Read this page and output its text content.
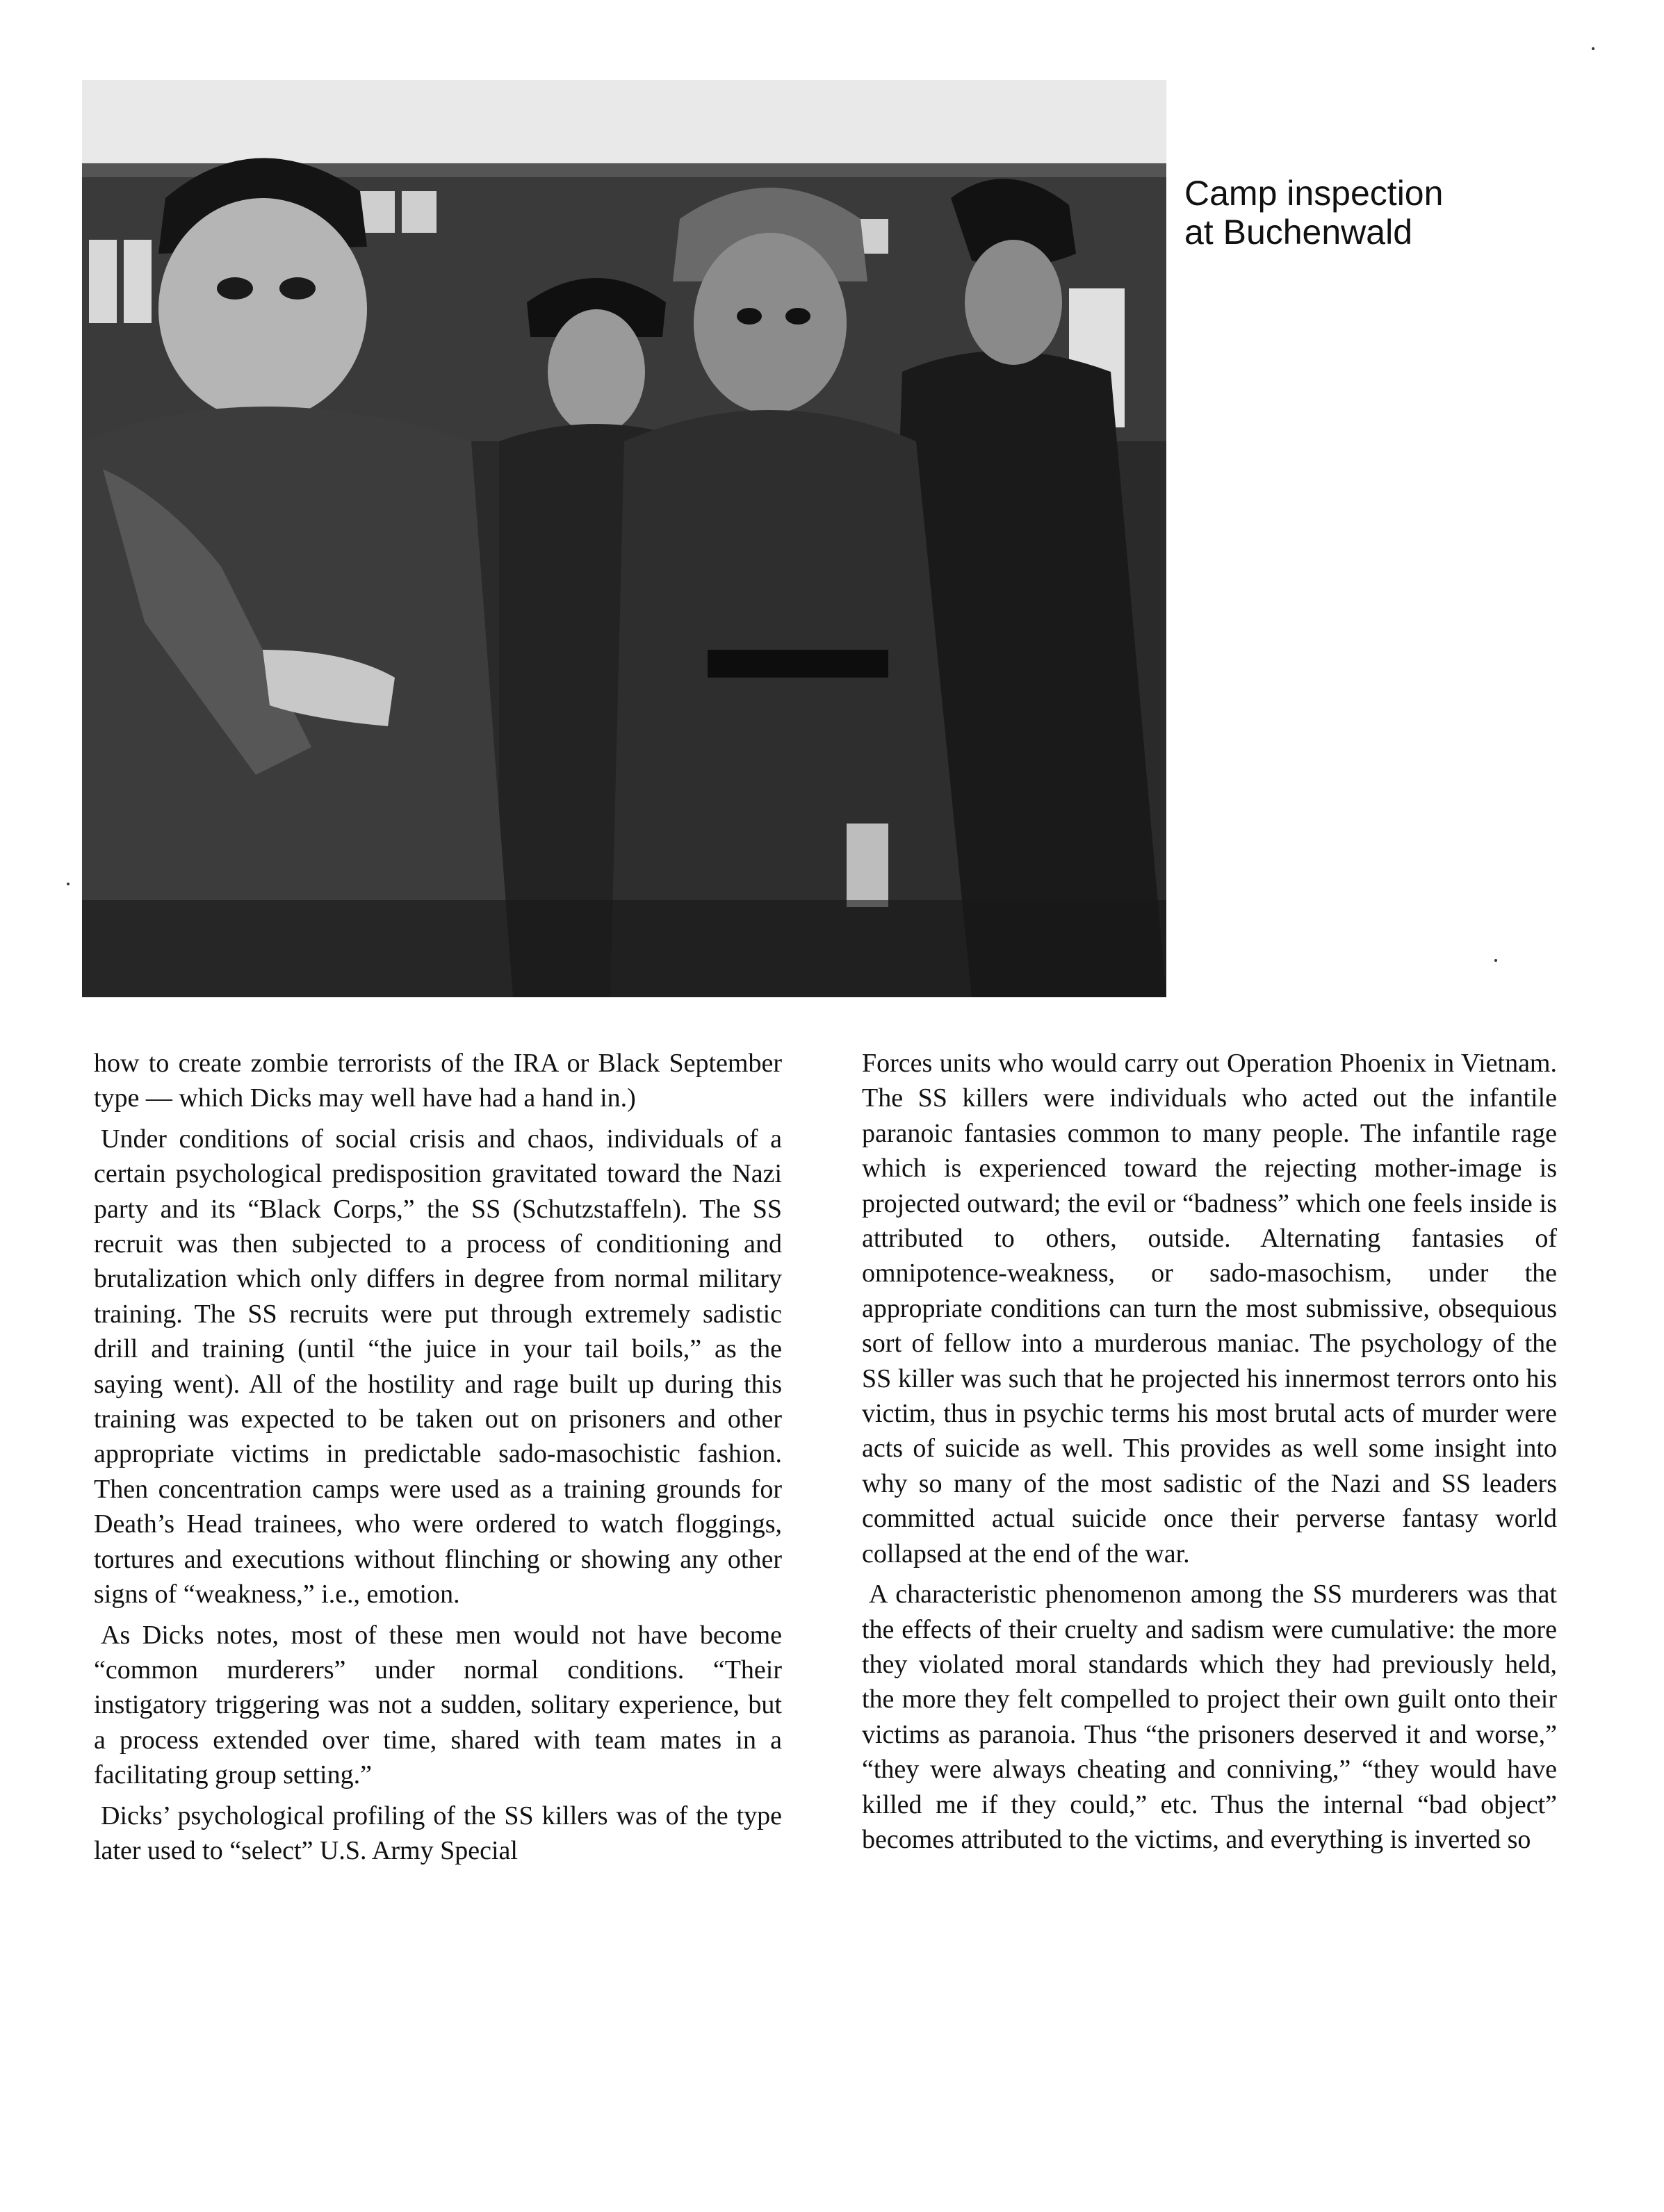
Camp inspection
at Buchenwald

how to create zombie terrorists of the IRA or Black September type — which Dicks may well have had a hand in.)

Under conditions of social crisis and chaos, individuals of a certain psychological predisposition gravitated toward the Nazi party and its “Black Corps,” the SS (Schutzstaffeln). The SS recruit was then subjected to a process of conditioning and brutalization which only differs in degree from normal military training. The SS recruits were put through extremely sadistic drill and training (until “the juice in your tail boils,” as the saying went). All of the hostility and rage built up during this training was expected to be taken out on prisoners and other appropriate victims in predictable sado-masochistic fashion. Then concentration camps were used as a training grounds for Death’s Head trainees, who were ordered to watch floggings, tortures and executions without flinching or showing any other signs of “weakness,” i.e., emotion.

As Dicks notes, most of these men would not have become “common murderers” under normal conditions. “Their instigatory triggering was not a sudden, solitary experience, but a process extended over time, shared with team mates in a facilitating group setting.”

Dicks’ psychological profiling of the SS killers was of the type later used to “select” U.S. Army Special

Forces units who would carry out Operation Phoenix in Vietnam. The SS killers were individuals who acted out the infantile paranoic fantasies common to many people. The infantile rage which is experienced toward the rejecting mother-image is projected outward; the evil or “badness” which one feels inside is attributed to others, outside. Alternating fantasies of omnipotence-weakness, or sado-masochism, under the appropriate conditions can turn the most submissive, obsequious sort of fellow into a murderous maniac. The psychology of the SS killer was such that he projected his innermost terrors onto his victim, thus in psychic terms his most brutal acts of murder were acts of suicide as well. This provides as well some insight into why so many of the most sadistic of the Nazi and SS leaders committed actual suicide once their perverse fantasy world collapsed at the end of the war.

A characteristic phenomenon among the SS murderers was that the effects of their cruelty and sadism were cumulative: the more they violated moral standards which they had previously held, the more they felt compelled to project their own guilt onto their victims as paranoia. Thus “the prisoners deserved it and worse,” “they were always cheating and conniving,” “they would have killed me if they could,” etc. Thus the internal “bad object” becomes attributed to the victims, and everything is inverted so
